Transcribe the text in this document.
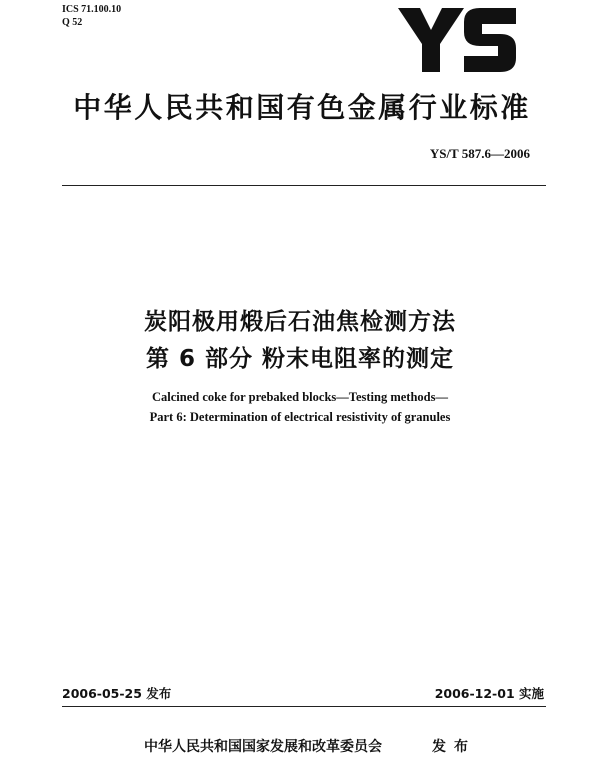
ICS 71.100.10
Q 52
中华人民共和国有色金属行业标准
YS/T 587.6—2006
炭阳极用煅后石油焦检测方法
第 6 部分 粉末电阻率的测定
Calcined coke for prebaked blocks—Testing methods—
Part 6: Determination of electrical resistivity of granules
2006-05-25 发布	2006-12-01 实施
中华人民共和国国家发展和改革委员会	发布
